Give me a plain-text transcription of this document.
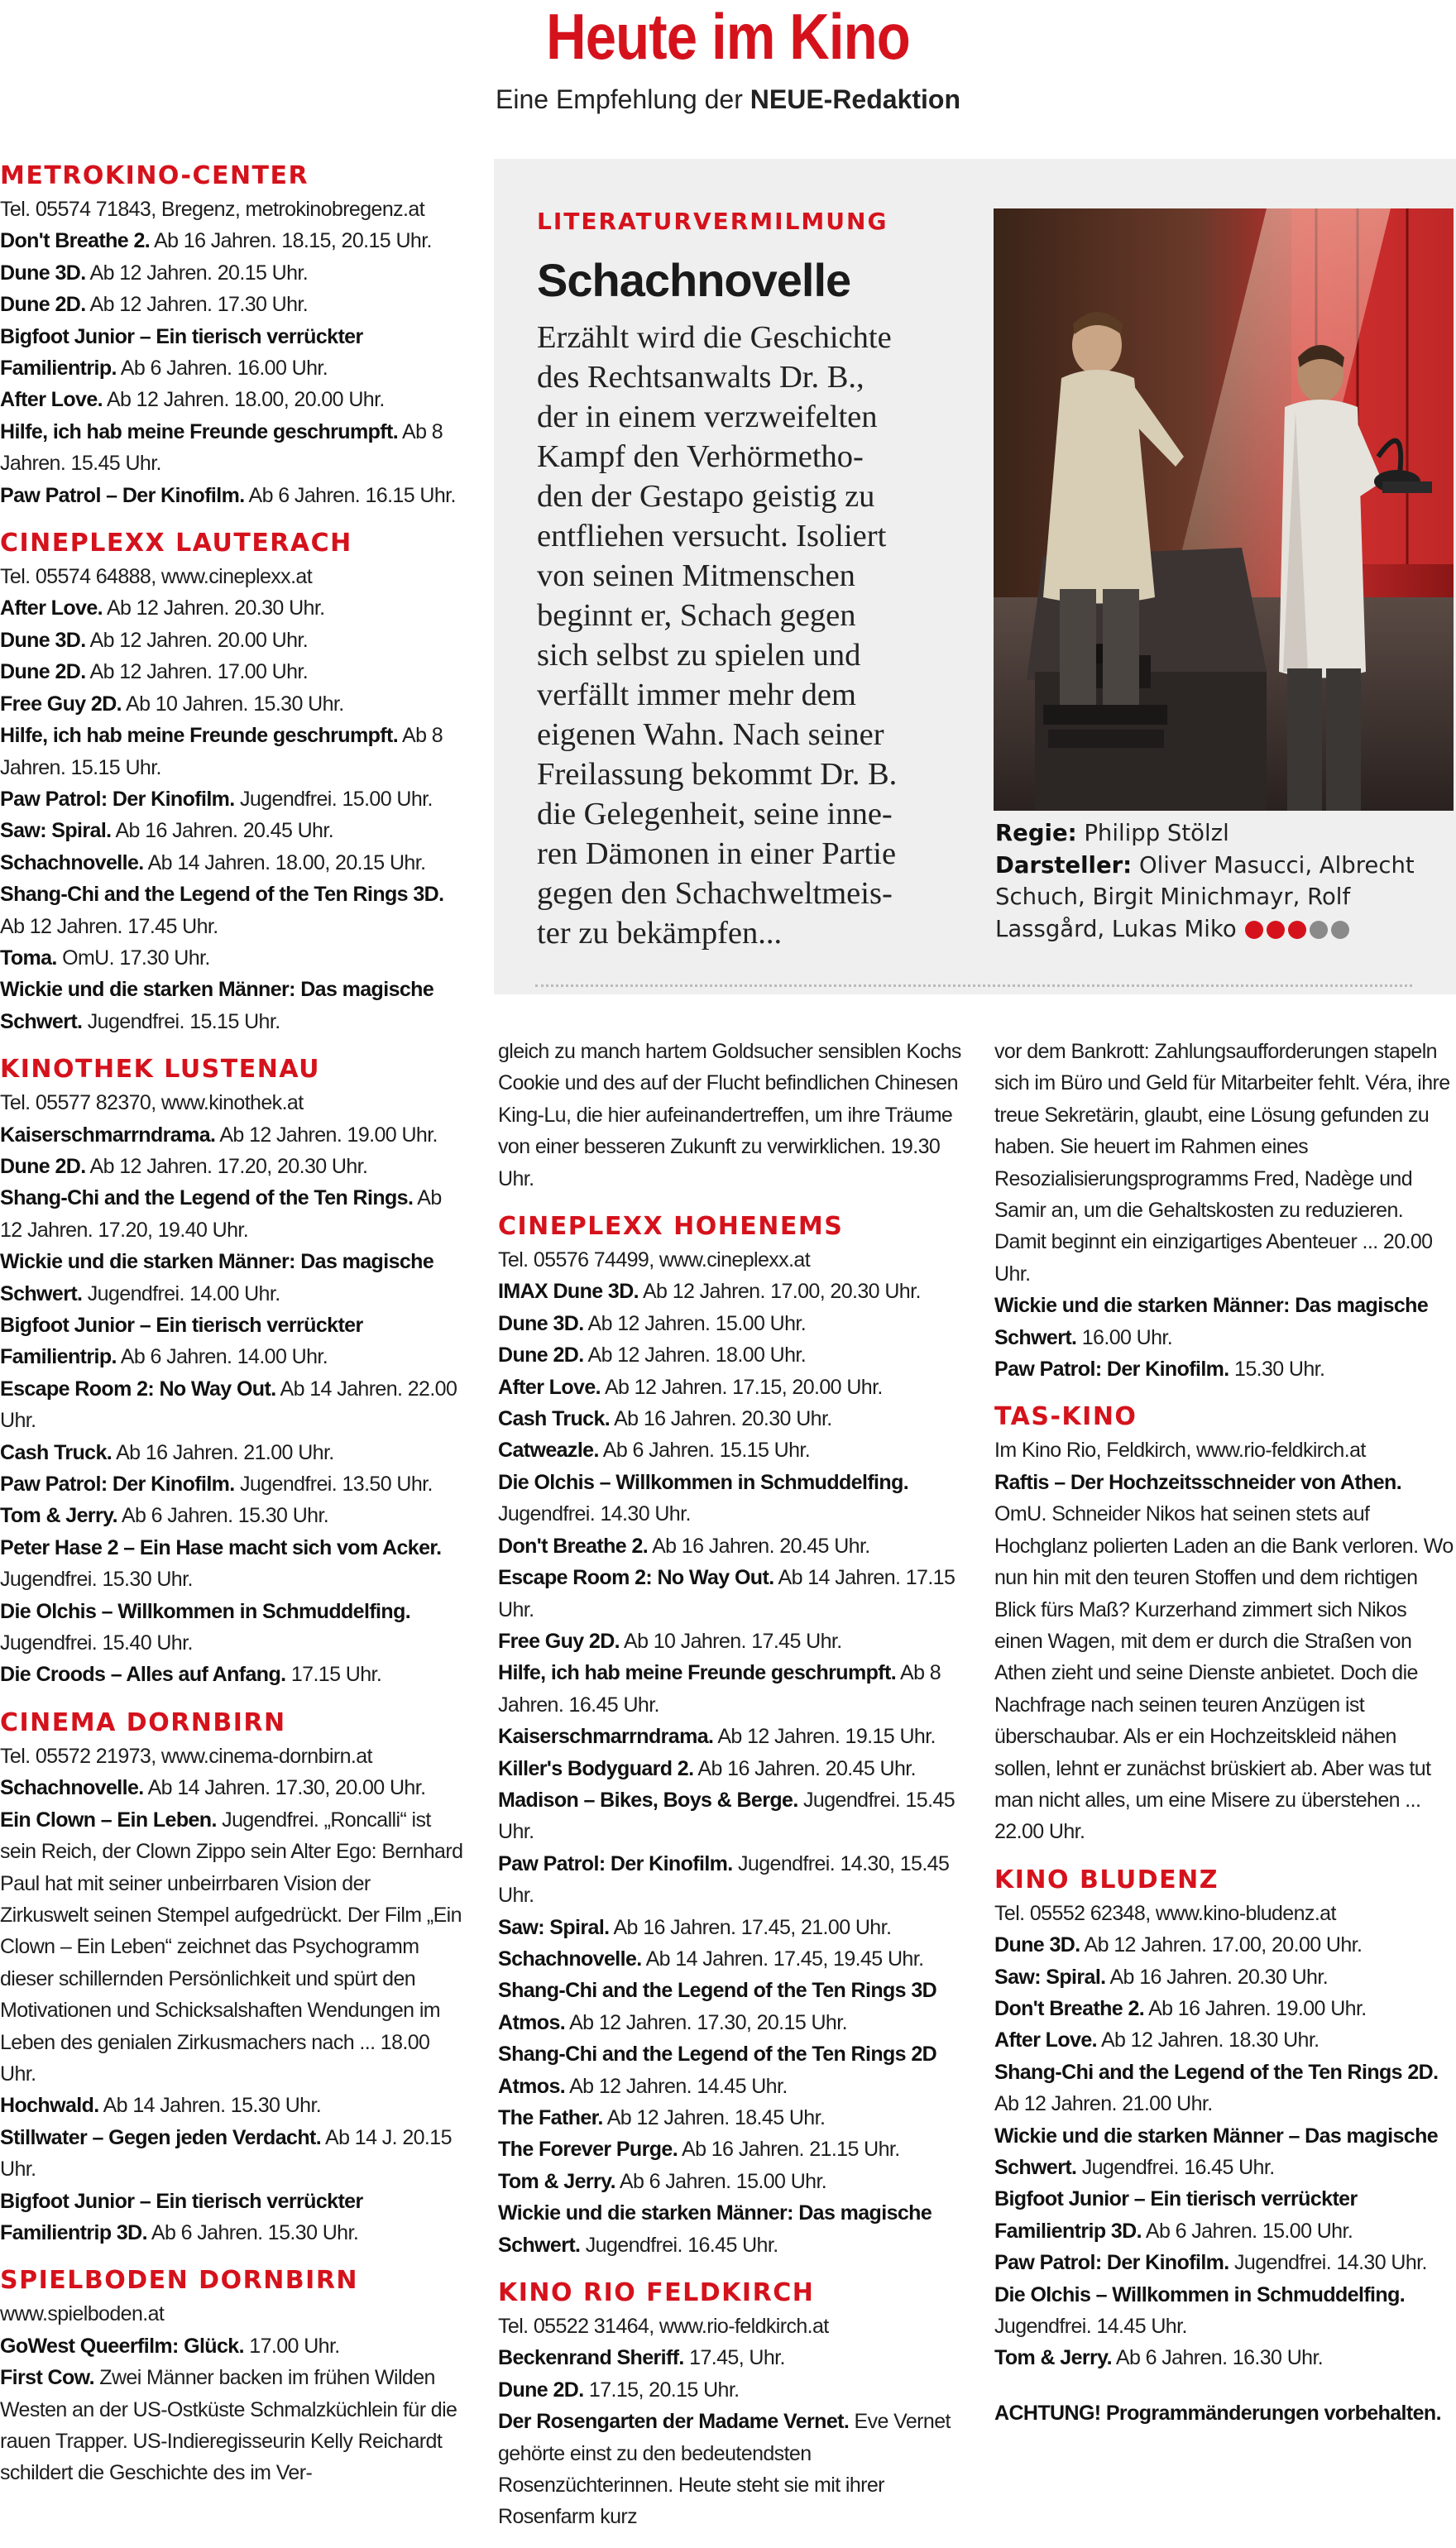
Heute im Kino
Eine Empfehlung der NEUE-Redaktion

METROKINO-CENTER

Tel. 05574 71843, Bregenz, metrokinobregenz.at

Don't Breathe 2. Ab 16 Jahren. 18.15, 20.15 Uhr.

Dune 3D. Ab 12 Jahren. 20.15 Uhr.

Dune 2D. Ab 12 Jahren. 17.30 Uhr.

Bigfoot Junior – Ein tierisch verrückter Familientrip. Ab 6 Jahren. 16.00 Uhr.

After Love. Ab 12 Jahren. 18.00, 20.00 Uhr.

Hilfe, ich hab meine Freunde geschrumpft. Ab 8 Jahren. 15.45 Uhr.

Paw Patrol – Der Kinofilm. Ab 6 Jahren. 16.15 Uhr.

CINEPLEXX LAUTERACH

Tel. 05574 64888, www.cineplexx.at

After Love. Ab 12 Jahren. 20.30 Uhr.

Dune 3D. Ab 12 Jahren. 20.00 Uhr.

Dune 2D. Ab 12 Jahren. 17.00 Uhr.

Free Guy 2D. Ab 10 Jahren. 15.30 Uhr.

Hilfe, ich hab meine Freunde geschrumpft. Ab 8 Jahren. 15.15 Uhr.

Paw Patrol: Der Kinofilm. Jugendfrei. 15.00 Uhr.

Saw: Spiral. Ab 16 Jahren. 20.45 Uhr.

Schachnovelle. Ab 14 Jahren. 18.00, 20.15 Uhr.

Shang-Chi and the Legend of the Ten Rings 3D. Ab 12 Jahren. 17.45 Uhr.

Toma. OmU. 17.30 Uhr.

Wickie und die starken Männer: Das magische Schwert. Jugendfrei. 15.15 Uhr.

KINOTHEK LUSTENAU

Tel. 05577 82370, www.kinothek.at

Kaiserschmarrndrama. Ab 12 Jahren. 19.00 Uhr.

Dune 2D. Ab 12 Jahren. 17.20, 20.30 Uhr.

Shang-Chi and the Legend of the Ten Rings. Ab 12 Jahren. 17.20, 19.40 Uhr.

Wickie und die starken Männer: Das magische Schwert. Jugendfrei. 14.00 Uhr.

Bigfoot Junior – Ein tierisch verrückter Familientrip. Ab 6 Jahren. 14.00 Uhr.

Escape Room 2: No Way Out. Ab 14 Jahren. 22.00 Uhr.

Cash Truck. Ab 16 Jahren. 21.00 Uhr.

Paw Patrol: Der Kinofilm. Jugendfrei. 13.50 Uhr.

Tom & Jerry. Ab 6 Jahren. 15.30 Uhr.

Peter Hase 2 – Ein Hase macht sich vom Acker. Jugendfrei. 15.30 Uhr.

Die Olchis – Willkommen in Schmuddelfing. Jugendfrei. 15.40 Uhr.

Die Croods – Alles auf Anfang. 17.15 Uhr.

CINEMA DORNBIRN

Tel. 05572 21973, www.cinema-dornbirn.at

Schachnovelle. Ab 14 Jahren. 17.30, 20.00 Uhr.

Ein Clown – Ein Leben. Jugendfrei. „Roncalli“ ist sein Reich, der Clown Zippo sein Alter Ego: Bernhard Paul hat mit seiner unbeirrbaren Vision der Zirkuswelt seinen Stempel aufgedrückt. Der Film „Ein Clown – Ein Leben“ zeichnet das Psychogramm dieser schillernden Persönlichkeit und spürt den Motivationen und Schicksalshaften Wendungen im Leben des genialen Zirkusmachers nach ... 18.00 Uhr.

Hochwald. Ab 14 Jahren. 15.30 Uhr.

Stillwater – Gegen jeden Verdacht. Ab 14 J. 20.15 Uhr.

Bigfoot Junior – Ein tierisch verrückter Familientrip 3D. Ab 6 Jahren. 15.30 Uhr.

SPIELBODEN DORNBIRN

www.spielboden.at

GoWest Queerfilm: Glück. 17.00 Uhr.

First Cow. Zwei Männer backen im frühen Wilden Westen an der US-Ostküste Schmalzküchlein für die rauen Trapper. US-Indieregisseurin Kelly Reichardt schildert die Geschichte des im Ver-

LITERATURVERMILMUNG

Schachnovelle

Erzählt wird die Geschichte
des Rechtsanwalts Dr. B.,
der in einem verzweifelten
Kampf den Verhörmetho-
den der Gestapo geistig zu
entfliehen versucht. Isoliert
von seinen Mitmenschen
beginnt er, Schach gegen
sich selbst zu spielen und
verfällt immer mehr dem
eigenen Wahn. Nach seiner
Freilassung bekommt Dr. B.
die Gelegenheit, seine inne-
ren Dämonen in einer Partie
gegen den Schachweltmeis-
ter zu bekämpfen...

Regie: Philipp Stölzl

Darsteller: Oliver Masucci, Albrecht Schuch, Birgit Minichmayr, Rolf Lassgård, Lukas Miko

gleich zu manch hartem Goldsucher sensiblen Kochs Cookie und des auf der Flucht befindlichen Chinesen King-Lu, die hier aufeinandertreffen, um ihre Träume von einer besseren Zukunft zu verwirklichen. 19.30 Uhr.

CINEPLEXX HOHENEMS

Tel. 05576 74499, www.cineplexx.at

IMAX Dune 3D. Ab 12 Jahren. 17.00, 20.30 Uhr.

Dune 3D. Ab 12 Jahren. 15.00 Uhr.

Dune 2D. Ab 12 Jahren. 18.00 Uhr.

After Love. Ab 12 Jahren. 17.15, 20.00 Uhr.

Cash Truck. Ab 16 Jahren. 20.30 Uhr.

Catweazle. Ab 6 Jahren. 15.15 Uhr.

Die Olchis – Willkommen in Schmuddelfing. Jugendfrei. 14.30 Uhr.

Don't Breathe 2. Ab 16 Jahren. 20.45 Uhr.

Escape Room 2: No Way Out. Ab 14 Jahren. 17.15 Uhr.

Free Guy 2D. Ab 10 Jahren. 17.45 Uhr.

Hilfe, ich hab meine Freunde geschrumpft. Ab 8 Jahren. 16.45 Uhr.

Kaiserschmarrndrama. Ab 12 Jahren. 19.15 Uhr.

Killer's Bodyguard 2. Ab 16 Jahren. 20.45 Uhr.

Madison – Bikes, Boys & Berge. Jugendfrei. 15.45 Uhr.

Paw Patrol: Der Kinofilm. Jugendfrei. 14.30, 15.45 Uhr.

Saw: Spiral. Ab 16 Jahren. 17.45, 21.00 Uhr.

Schachnovelle. Ab 14 Jahren. 17.45, 19.45 Uhr.

Shang-Chi and the Legend of the Ten Rings 3D Atmos. Ab 12 Jahren. 17.30, 20.15 Uhr.

Shang-Chi and the Legend of the Ten Rings 2D Atmos. Ab 12 Jahren. 14.45 Uhr.

The Father. Ab 12 Jahren. 18.45 Uhr.

The Forever Purge. Ab 16 Jahren. 21.15 Uhr.

Tom & Jerry. Ab 6 Jahren. 15.00 Uhr.

Wickie und die starken Männer: Das magische Schwert. Jugendfrei. 16.45 Uhr.

KINO RIO FELDKIRCH

Tel. 05522 31464, www.rio-feldkirch.at

Beckenrand Sheriff. 17.45, Uhr.

Dune 2D. 17.15, 20.15 Uhr.

Der Rosengarten der Madame Vernet. Eve Vernet gehörte einst zu den bedeutendsten Rosenzüchterinnen. Heute steht sie mit ihrer Rosenfarm kurz

vor dem Bankrott: Zahlungsaufforderungen stapeln sich im Büro und Geld für Mitarbeiter fehlt. Véra, ihre treue Sekretärin, glaubt, eine Lösung gefunden zu haben. Sie heuert im Rahmen eines Resozialisierungsprogramms Fred, Nadège und Samir an, um die Gehaltskosten zu reduzieren. Damit beginnt ein einzigartiges Abenteuer ... 20.00 Uhr.

Wickie und die starken Männer: Das magische Schwert. 16.00 Uhr.

Paw Patrol: Der Kinofilm. 15.30 Uhr.

TAS-KINO

Im Kino Rio, Feldkirch, www.rio-feldkirch.at

Raftis – Der Hochzeitsschneider von Athen. OmU. Schneider Nikos hat seinen stets auf Hochglanz polierten Laden an die Bank verloren. Wo nun hin mit den teuren Stoffen und dem richtigen Blick fürs Maß? Kurzerhand zimmert sich Nikos einen Wagen, mit dem er durch die Straßen von Athen zieht und seine Dienste anbietet. Doch die Nachfrage nach seinen teuren Anzügen ist überschaubar. Als er ein Hochzeitskleid nähen sollen, lehnt er zunächst brüskiert ab. Aber was tut man nicht alles, um eine Misere zu überstehen ... 22.00 Uhr.

KINO BLUDENZ

Tel. 05552 62348, www.kino-bludenz.at

Dune 3D. Ab 12 Jahren. 17.00, 20.00 Uhr.

Saw: Spiral. Ab 16 Jahren. 20.30 Uhr.

Don't Breathe 2. Ab 16 Jahren. 19.00 Uhr.

After Love. Ab 12 Jahren. 18.30 Uhr.

Shang-Chi and the Legend of the Ten Rings 2D. Ab 12 Jahren. 21.00 Uhr.

Wickie und die starken Männer – Das magische Schwert. Jugendfrei. 16.45 Uhr.

Bigfoot Junior – Ein tierisch verrückter Familientrip 3D. Ab 6 Jahren. 15.00 Uhr.

Paw Patrol: Der Kinofilm. Jugendfrei. 14.30 Uhr.

Die Olchis – Willkommen in Schmuddelfing. Jugendfrei. 14.45 Uhr.

Tom & Jerry. Ab 6 Jahren. 16.30 Uhr.

ACHTUNG! Programmänderungen vorbehalten.
